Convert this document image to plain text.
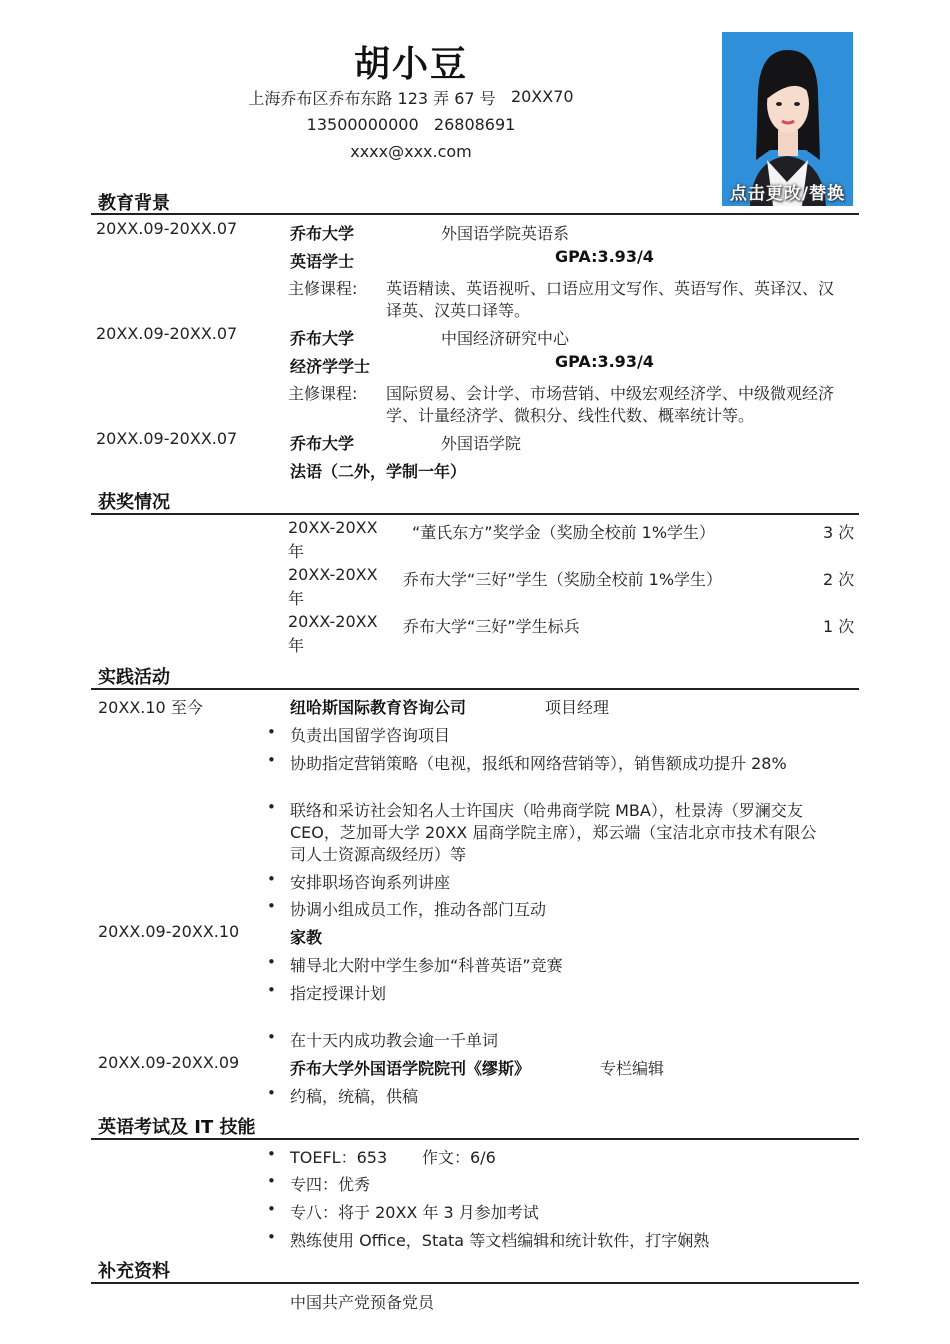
胡小豆
上海乔布区乔布东路 123 弄 67 号 20XX70
13500000000 26808691
xxxx@xxx.com
点击更改/替换
教育背景
20XX.09-20XX.07	乔布大学	外国语学院英语系
英语学士	GPA:3.93/4
主修课程: 英语精读、英语视听、口语应用文写作、英语写作、英译汉、汉
译英、汉英口译等。
20XX.09-20XX.07	乔布大学	中国经济研究中心
经济学学士	GPA:3.93/4
主修课程: 国际贸易、会计学、市场营销、中级宏观经济学、中级微观经济
学、计量经济学、微积分、线性代数、概率统计等。
20XX.09-20XX.07	乔布大学	外国语学院
法语（二外，学制一年）
获奖情况
20XX-20XX
年
“董氏东方”奖学金（奖励全校前 1%学生）	3 次
20XX-20XX
年
乔布大学“三好”学生（奖励全校前 1%学生）	2 次
20XX-20XX
年
乔布大学“三好”学生标兵	1 次
实践活动
20XX.10 至今	纽哈斯国际教育咨询公司	项目经理
• 负责出国留学咨询项目
• 协助指定营销策略（电视，报纸和网络营销等），销售额成功提升 28%
• 联络和采访社会知名人士许国庆（哈弗商学院 MBA），杜景涛（罗澜交友
CEO，芝加哥大学 20XX 届商学院主席），郑云端（宝洁北京市技术有限公
司人士资源高级经历）等
• 安排职场咨询系列讲座
• 协调小组成员工作，推动各部门互动
20XX.09-20XX.10	家教
• 辅导北大附中学生参加“科普英语”竞赛
• 指定授课计划
• 在十天内成功教会逾一千单词
20XX.09-20XX.09	乔布大学外国语学院院刊《缪斯》	专栏编辑
• 约稿，统稿，供稿
英语考试及 IT 技能
• TOEFL：653 作文：6/6
• 专四：优秀
• 专八：将于 20XX 年 3 月参加考试
• 熟练使用 Office，Stata 等文档编辑和统计软件，打字娴熟
补充资料
中国共产党预备党员
